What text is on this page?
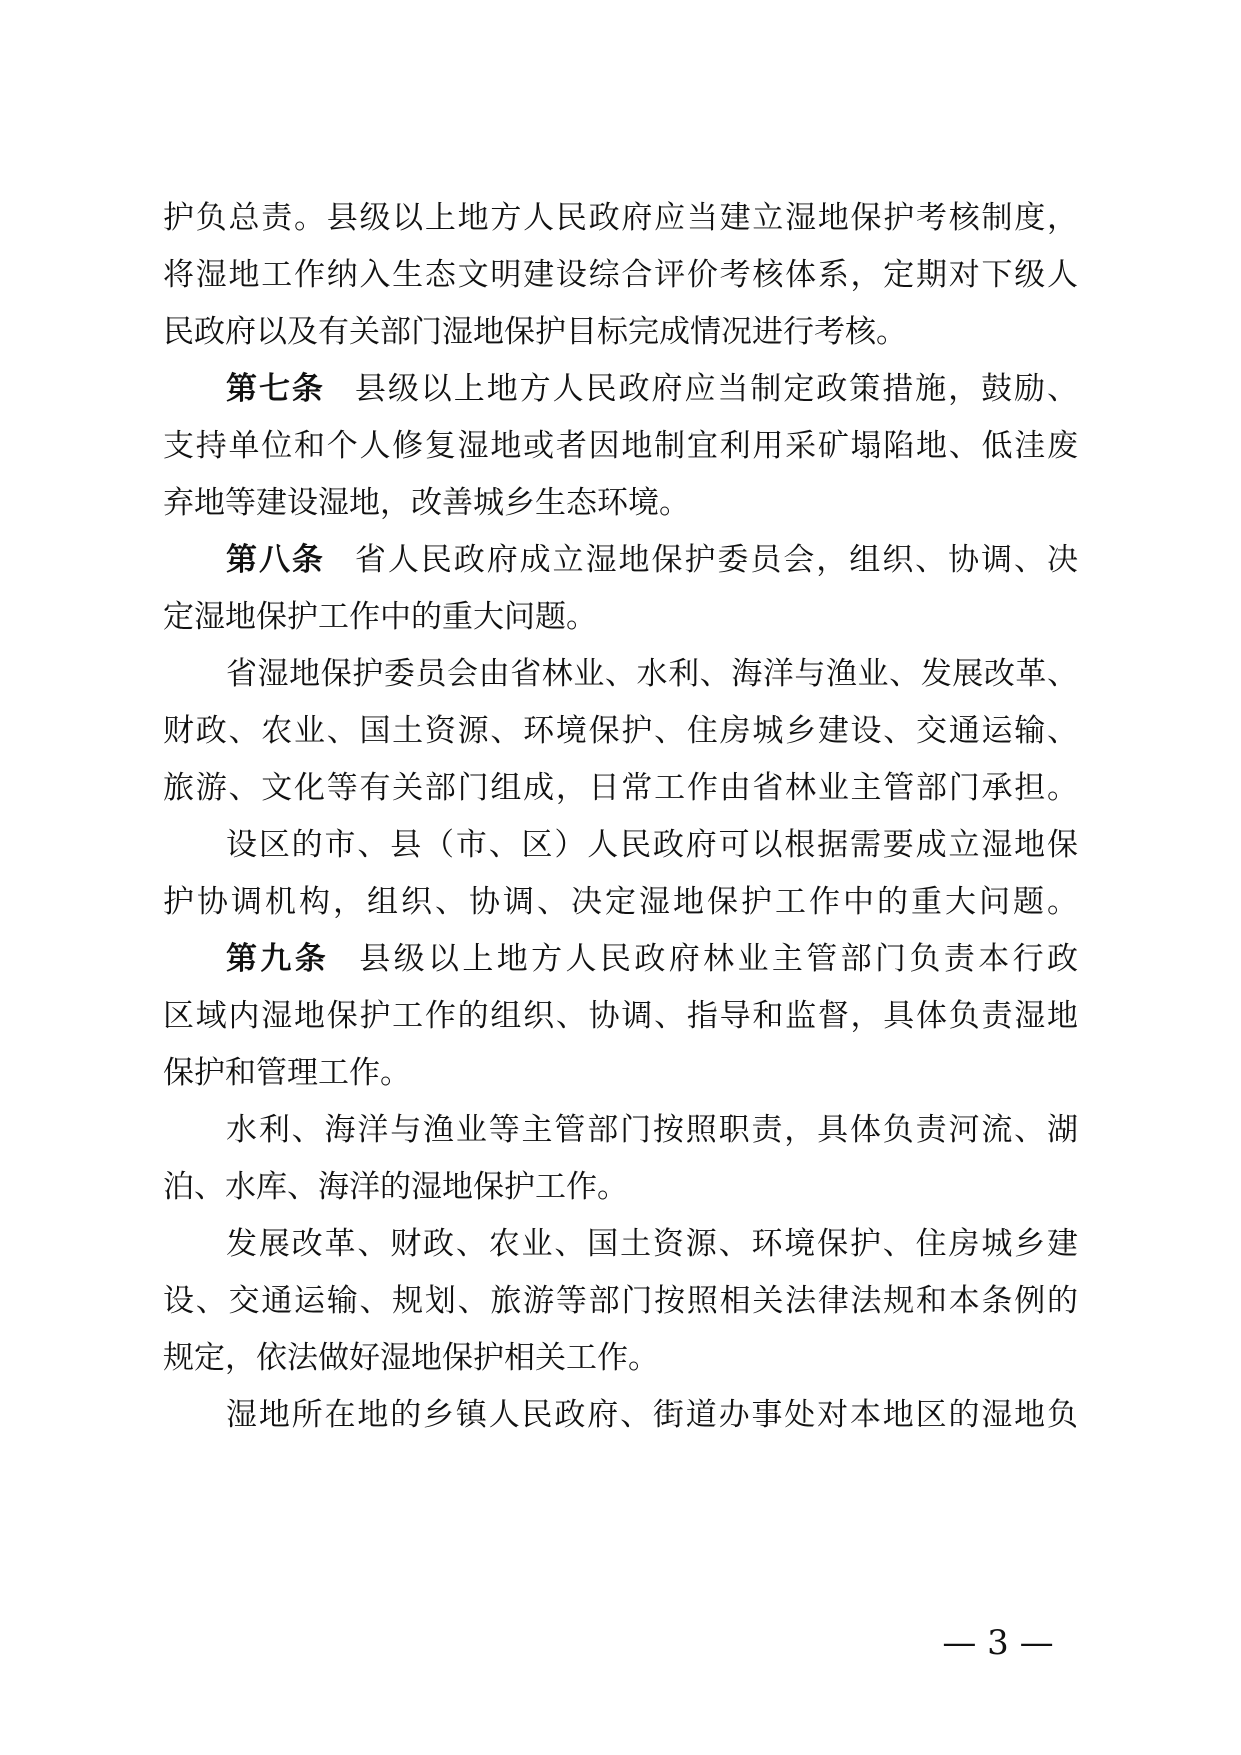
护负总责。县级以上地方人民政府应当建立湿地保护考核制度，
将湿地工作纳入生态文明建设综合评价考核体系，定期对下级人
民政府以及有关部门湿地保护目标完成情况进行考核。
第七条 县级以上地方人民政府应当制定政策措施，鼓励、
支持单位和个人修复湿地或者因地制宜利用采矿塌陷地、低洼废
弃地等建设湿地，改善城乡生态环境。
第八条 省人民政府成立湿地保护委员会，组织、协调、决
定湿地保护工作中的重大问题。
省湿地保护委员会由省林业、水利、海洋与渔业、发展改革、
财政、农业、国土资源、环境保护、住房城乡建设、交通运输、
旅游、文化等有关部门组成，日常工作由省林业主管部门承担。
设区的市、县（市、区）人民政府可以根据需要成立湿地保
护协调机构，组织、协调、决定湿地保护工作中的重大问题。
第九条 县级以上地方人民政府林业主管部门负责本行政
区域内湿地保护工作的组织、协调、指导和监督，具体负责湿地
保护和管理工作。
水利、海洋与渔业等主管部门按照职责，具体负责河流、湖
泊、水库、海洋的湿地保护工作。
发展改革、财政、农业、国土资源、环境保护、住房城乡建
设、交通运输、规划、旅游等部门按照相关法律法规和本条例的
规定，依法做好湿地保护相关工作。
湿地所在地的乡镇人民政府、街道办事处对本地区的湿地负
— 3 —
